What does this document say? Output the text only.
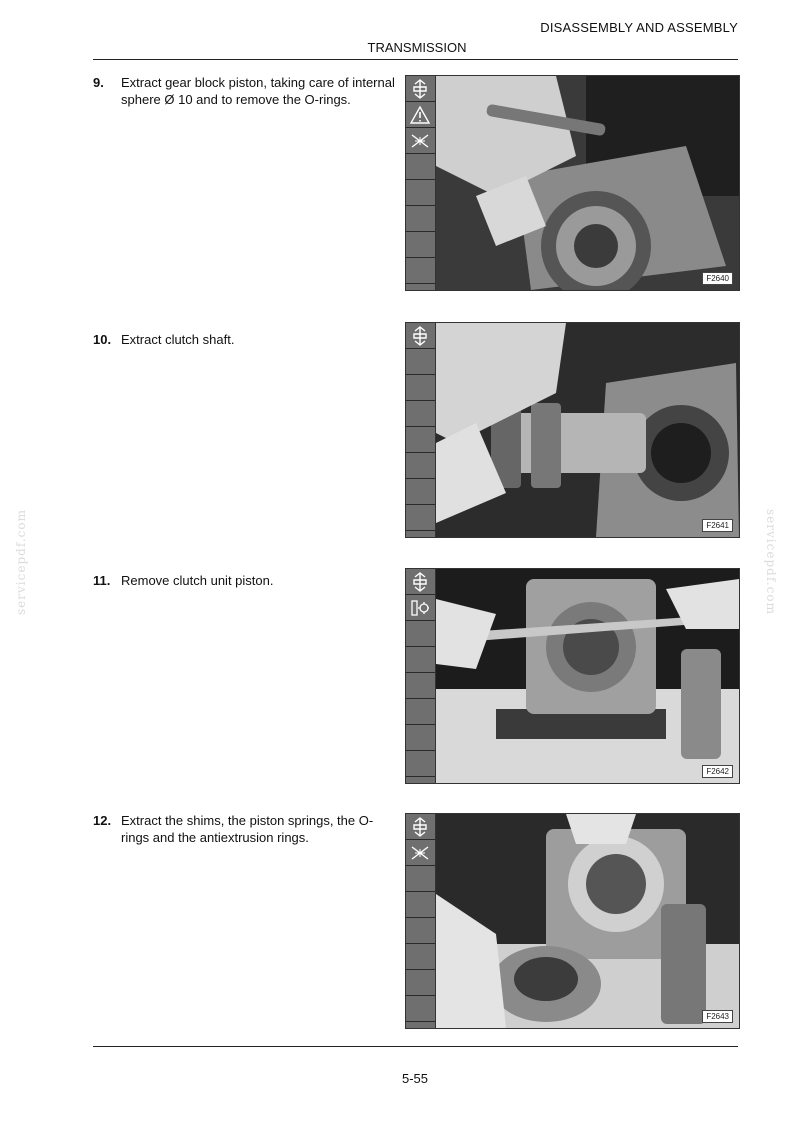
DISASSEMBLY AND ASSEMBLY
TRANSMISSION
servicepdf.com	servicepdf.com
9. Extract gear block piston, taking care of internal sphere Ø 10 and to remove the O-rings.
F2640
10. Extract clutch shaft.
F2641
11. Remove clutch unit piston.
F2642
12. Extract the shims, the piston springs, the O-rings and the antiextrusion rings.
F2643
5-55
